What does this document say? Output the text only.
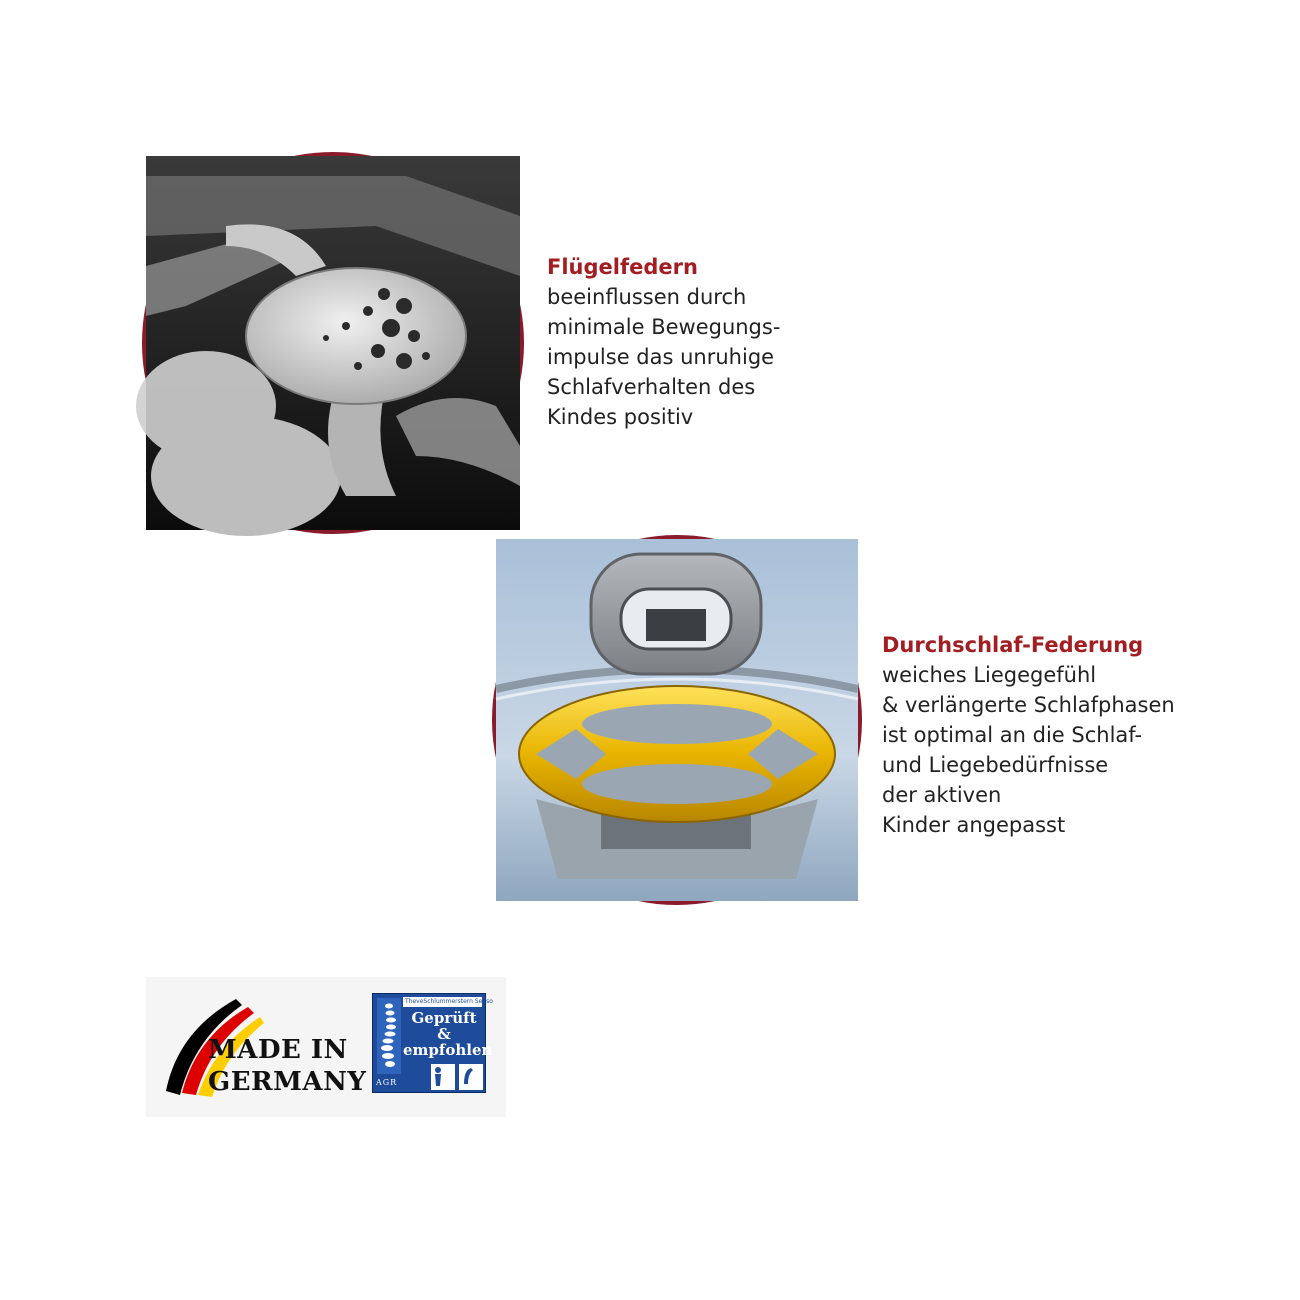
Flügelfedern
beeinflussen durch
minimale Bewegungs-
impulse das unruhige
Schlafverhalten des
Kindes positiv
Durchschlaf-Federung
weiches Liegegefühl
& verlängerte Schlafphasen
ist optimal an die Schlaf-
und Liegebedürfnisse
der aktiven
Kinder angepasst
MADE IN
GERMANY
TheveSchlummerstern Senso
Geprüft &
empfohlen
AGR
